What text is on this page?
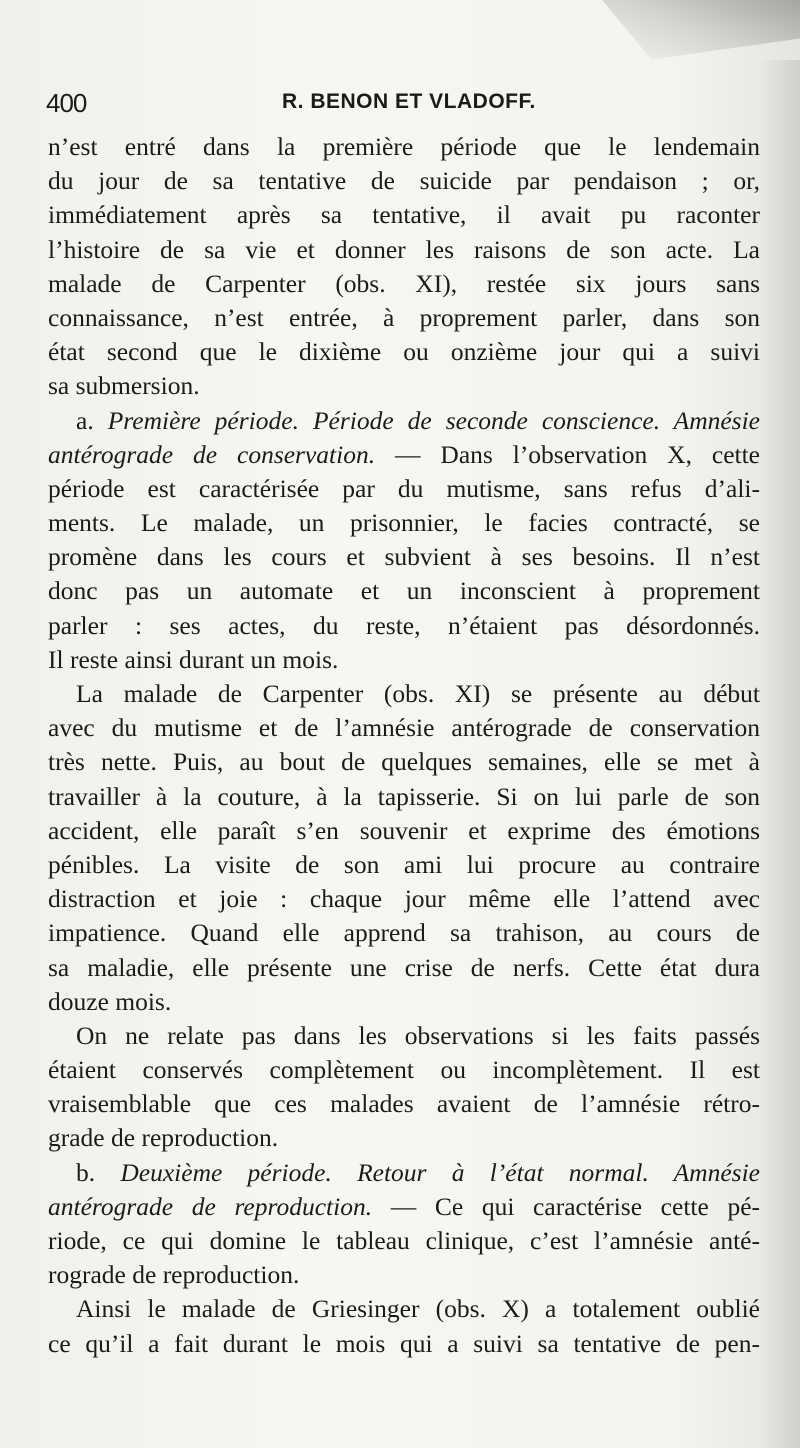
400	R. BENON ET VLADOFF.
n’est entré dans la première période que le lendemain
du jour de sa tentative de suicide par pendaison ; or,
immédiatement après sa tentative, il avait pu raconter
l’histoire de sa vie et donner les raisons de son acte. La
malade de Carpenter (obs. XI), restée six jours sans
connaissance, n’est entrée, à proprement parler, dans son
état second que le dixième ou onzième jour qui a suivi
sa submersion.
a. Première période. Période de seconde conscience. Amnésie
antérograde de conservation. — Dans l’observation X, cette
période est caractérisée par du mutisme, sans refus d’ali-
ments. Le malade, un prisonnier, le facies contracté, se
promène dans les cours et subvient à ses besoins. Il n’est
donc pas un automate et un inconscient à proprement
parler : ses actes, du reste, n’étaient pas désordonnés.
Il reste ainsi durant un mois.
La malade de Carpenter (obs. XI) se présente au début
avec du mutisme et de l’amnésie antérograde de conservation
très nette. Puis, au bout de quelques semaines, elle se met à
travailler à la couture, à la tapisserie. Si on lui parle de son
accident, elle paraît s’en souvenir et exprime des émotions
pénibles. La visite de son ami lui procure au contraire
distraction et joie : chaque jour même elle l’attend avec
impatience. Quand elle apprend sa trahison, au cours de
sa maladie, elle présente une crise de nerfs. Cette état dura
douze mois.
On ne relate pas dans les observations si les faits passés
étaient conservés complètement ou incomplètement. Il est
vraisemblable que ces malades avaient de l’amnésie rétro-
grade de reproduction.
b. Deuxième période. Retour à l’état normal. Amnésie
antérograde de reproduction. — Ce qui caractérise cette pé-
riode, ce qui domine le tableau clinique, c’est l’amnésie anté-
rograde de reproduction.
Ainsi le malade de Griesinger (obs. X) a totalement oublié
ce qu’il a fait durant le mois qui a suivi sa tentative de pen-
